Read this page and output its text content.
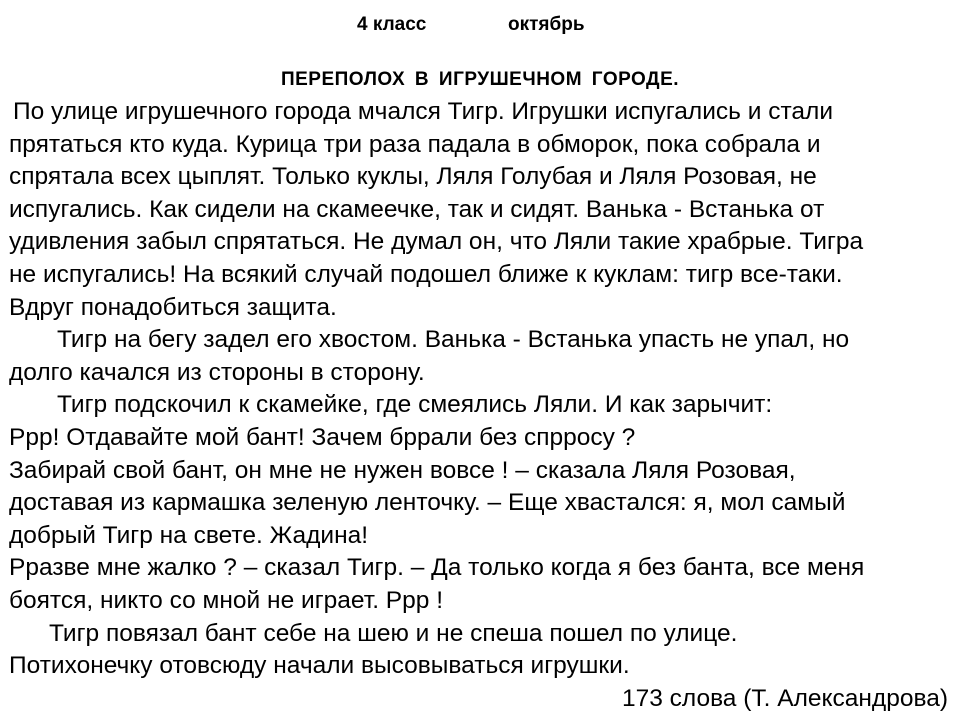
4 класс	октябрь
ПЕРЕПОЛОХ В ИГРУШЕЧНОМ ГОРОДЕ.
По улице игрушечного города мчался Тигр. Игрушки испугались и стали
прятаться кто куда. Курица три раза падала в обморок, пока собрала и
спрятала всех цыплят. Только куклы, Ляля Голубая и Ляля Розовая, не
испугались. Как сидели на скамеечке, так и сидят. Ванька - Встанька от
удивления забыл спрятаться. Не думал он, что Ляли такие храбрые. Тигра
не испугались! На всякий случай подошел ближе к куклам: тигр все-таки.
Вдруг понадобиться защита.
Тигр на бегу задел его хвостом. Ванька - Встанька упасть не упал, но
долго качался из стороны в сторону.
Тигр подскочил к скамейке, где смеялись Ляли. И как зарычит:
Ррр! Отдавайте мой бант! Зачем бррали без спрросу ?
Забирай свой бант, он мне не нужен вовсе ! – сказала Ляля Розовая,
доставая из кармашка зеленую ленточку. – Еще хвастался: я, мол самый
добрый Тигр на свете. Жадина!
Рразве мне жалко ? – сказал Тигр. – Да только когда я без банта, все меня
боятся, никто со мной не играет. Ррр !
Тигр повязал бант себе на шею и не спеша пошел по улице.
Потихонечку отовсюду начали высовываться игрушки.
173 слова (Т. Александрова)
